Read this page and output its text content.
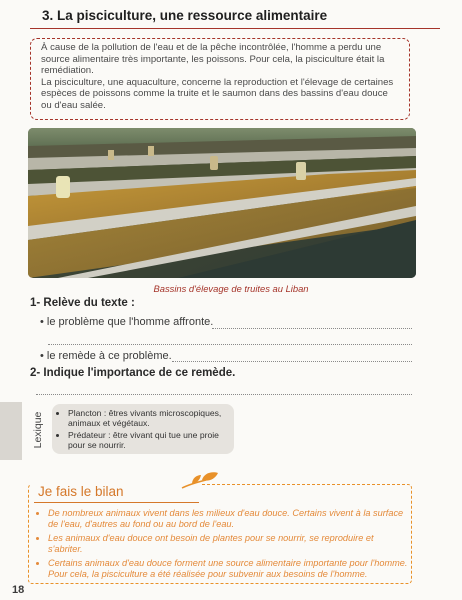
3. La pisciculture, une ressource alimentaire

À cause de la pollution de l'eau et de la pêche incontrôlée, l'homme a perdu une source alimentaire très importante, les poissons. Pour cela, la pisciculture était la remédiation.

La pisciculture, une aquaculture, concerne la reproduction et l'élevage de certaines espèces de poissons comme la truite et le saumon dans des bassins d'eau douce ou d'eau salée.

Bassins d'élevage de truites au Liban
1- Relève du texte :
• le problème que l'homme affronte.
• le remède à ce problème.
2- Indique l'importance de ce remède.
Lexique
•	Plancton : êtres vivants microscopiques, animaux et végétaux.
• Prédateur : être vivant qui tue une proie pour se nourrir.
Je fais le bilan
• De nombreux animaux vivent dans les milieux d'eau douce. Certains vivent à la surface de l'eau, d'autres au fond ou au bord de l'eau.
• Les animaux d'eau douce ont besoin de plantes pour se nourrir, se reproduire et s'abriter.
• Certains animaux d'eau douce forment une source alimentaire importante pour l'homme. Pour cela, la pisciculture a été réalisée pour subvenir aux besoins de l'homme.
18
